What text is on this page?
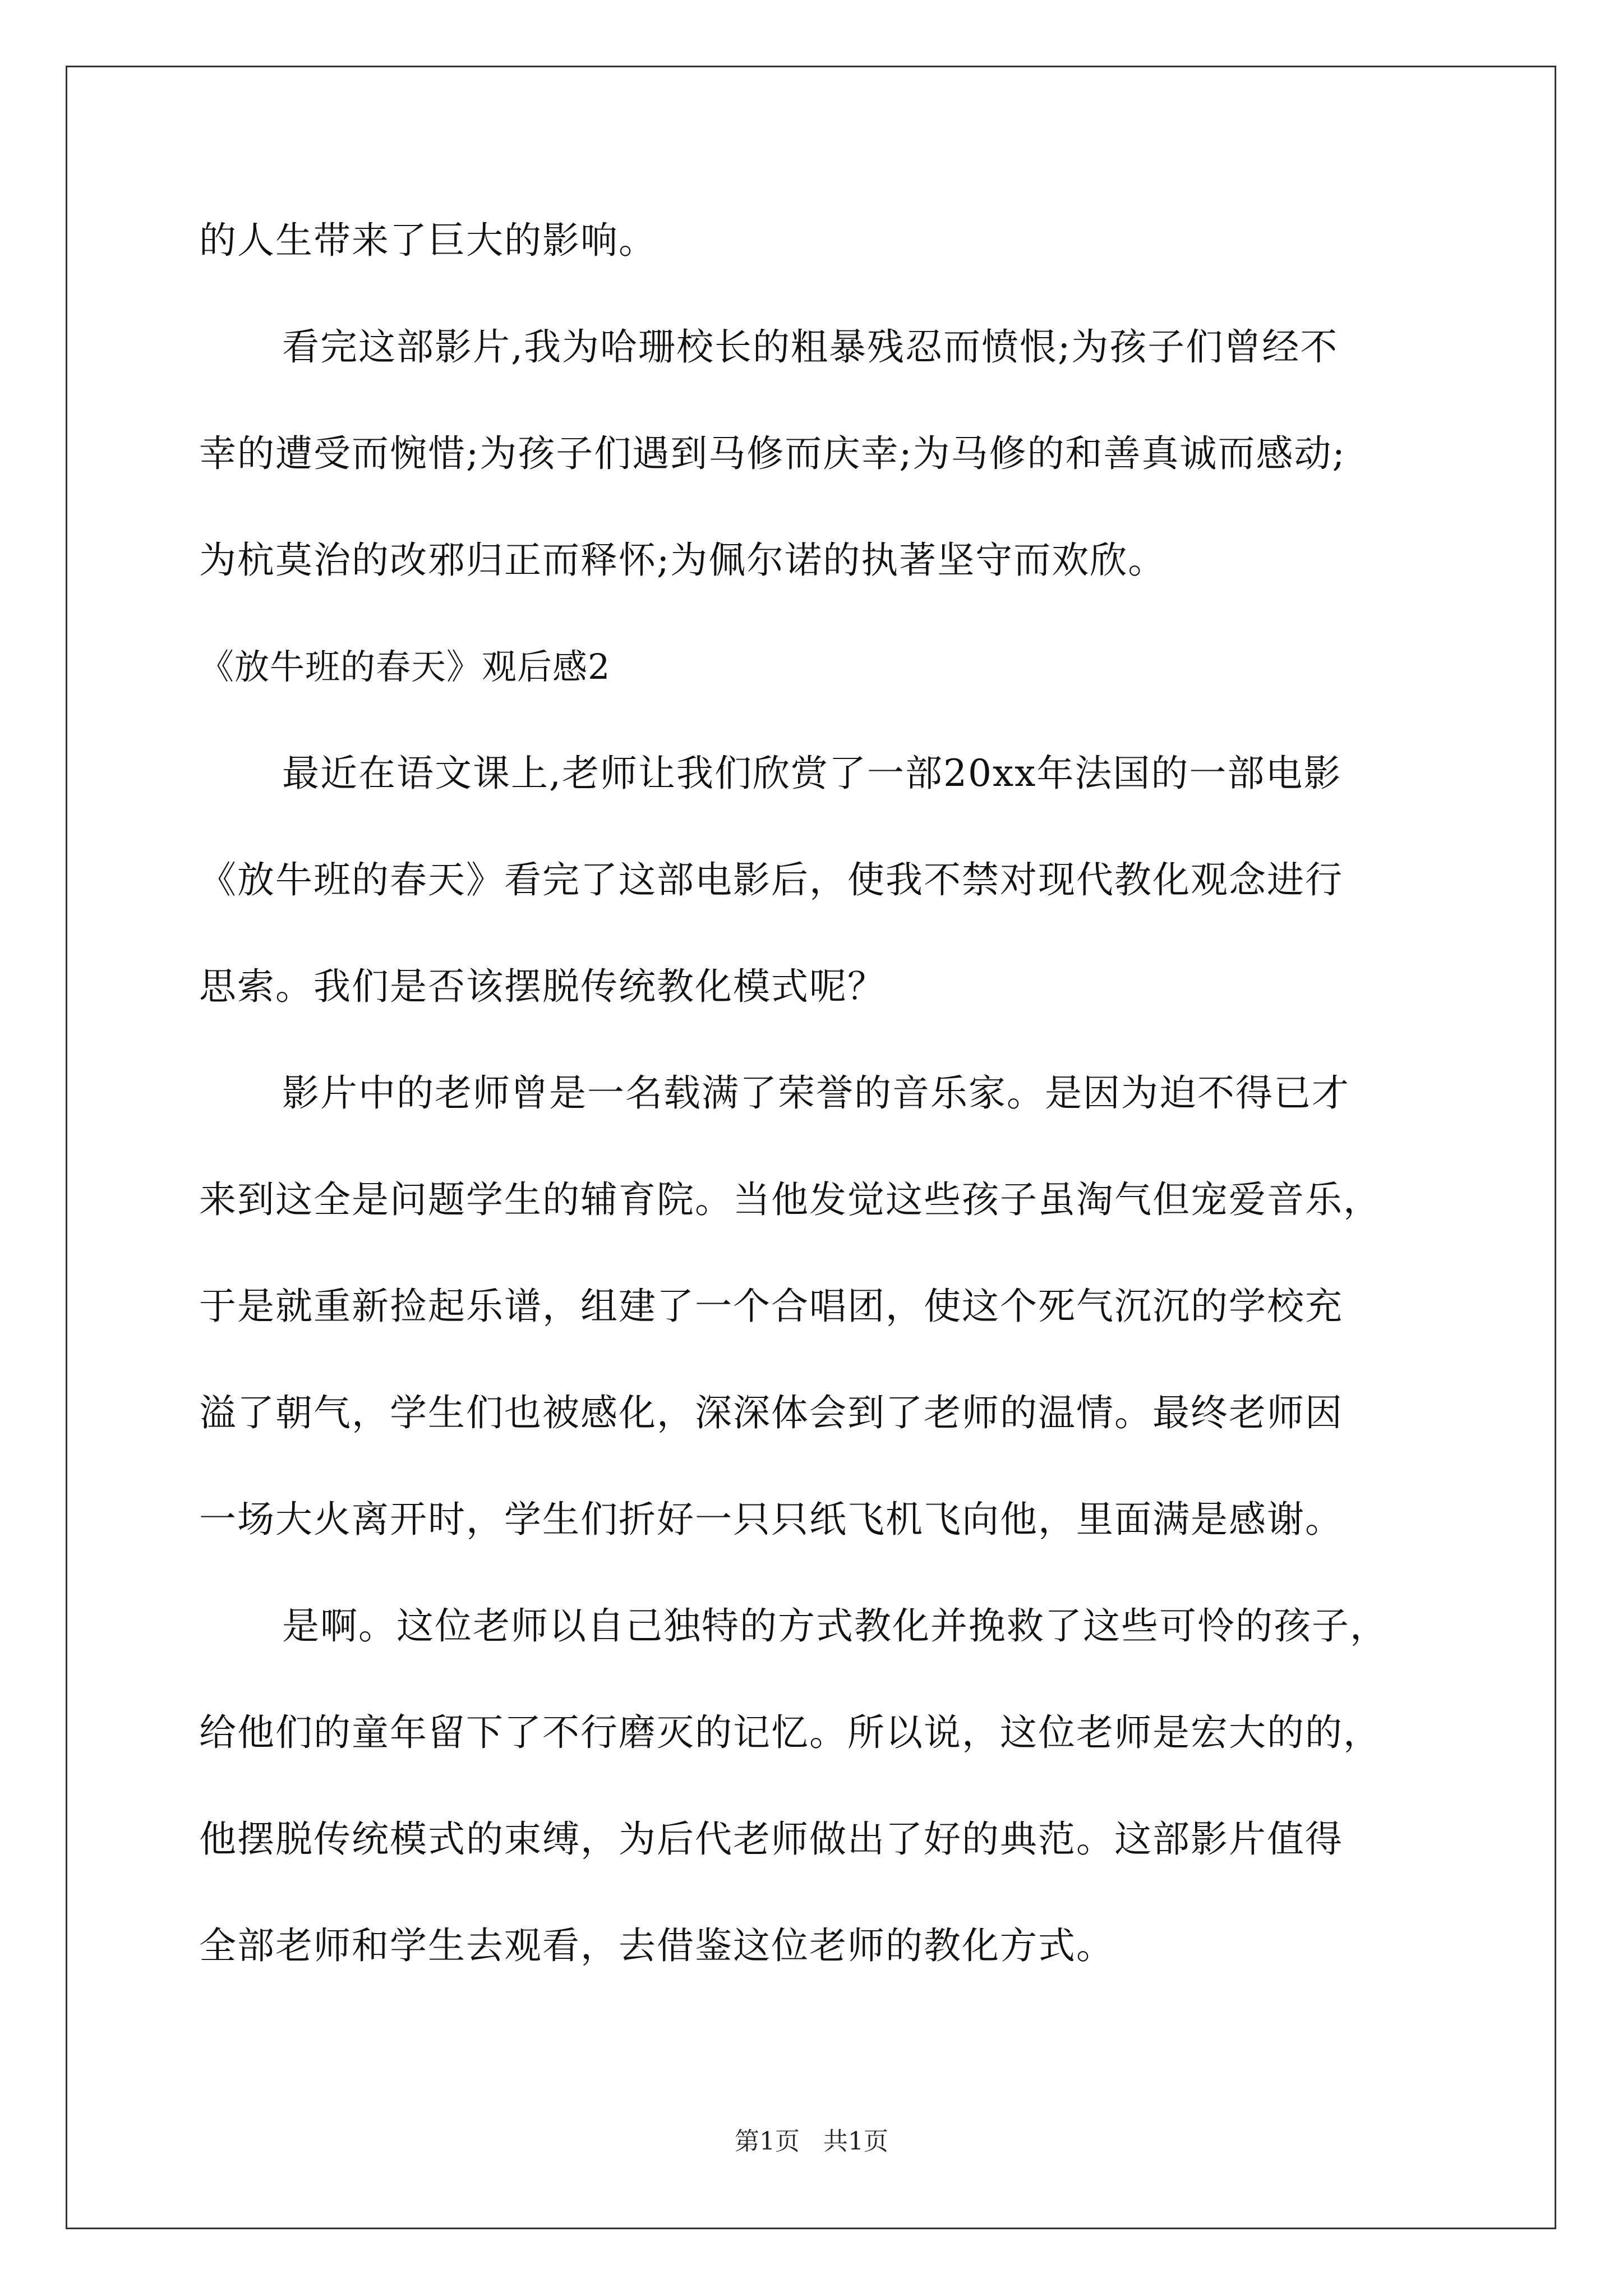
的人生带来了巨大的影响。
看完这部影片,我为哈珊校长的粗暴残忍而愤恨;为孩子们曾经不
幸的遭受而惋惜;为孩子们遇到马修而庆幸;为马修的和善真诚而感动;
为杭莫治的改邪归正而释怀;为佩尔诺的执著坚守而欢欣。
《放牛班的春天》观后感2
最近在语文课上,老师让我们欣赏了一部20xx年法国的一部电影
《放牛班的春天》看完了这部电影后，使我不禁对现代教化观念进行
思索。我们是否该摆脱传统教化模式呢？
影片中的老师曾是一名载满了荣誉的音乐家。是因为迫不得已才
来到这全是问题学生的辅育院。当他发觉这些孩子虽淘气但宠爱音乐，
于是就重新捡起乐谱，组建了一个合唱团，使这个死气沉沉的学校充
溢了朝气，学生们也被感化，深深体会到了老师的温情。最终老师因
一场大火离开时，学生们折好一只只纸飞机飞向他，里面满是感谢。
是啊。这位老师以自己独特的方式教化并挽救了这些可怜的孩子，
给他们的童年留下了不行磨灭的记忆。所以说，这位老师是宏大的的，
他摆脱传统模式的束缚，为后代老师做出了好的典范。这部影片值得
全部老师和学生去观看，去借鉴这位老师的教化方式。
第1页 共1页
